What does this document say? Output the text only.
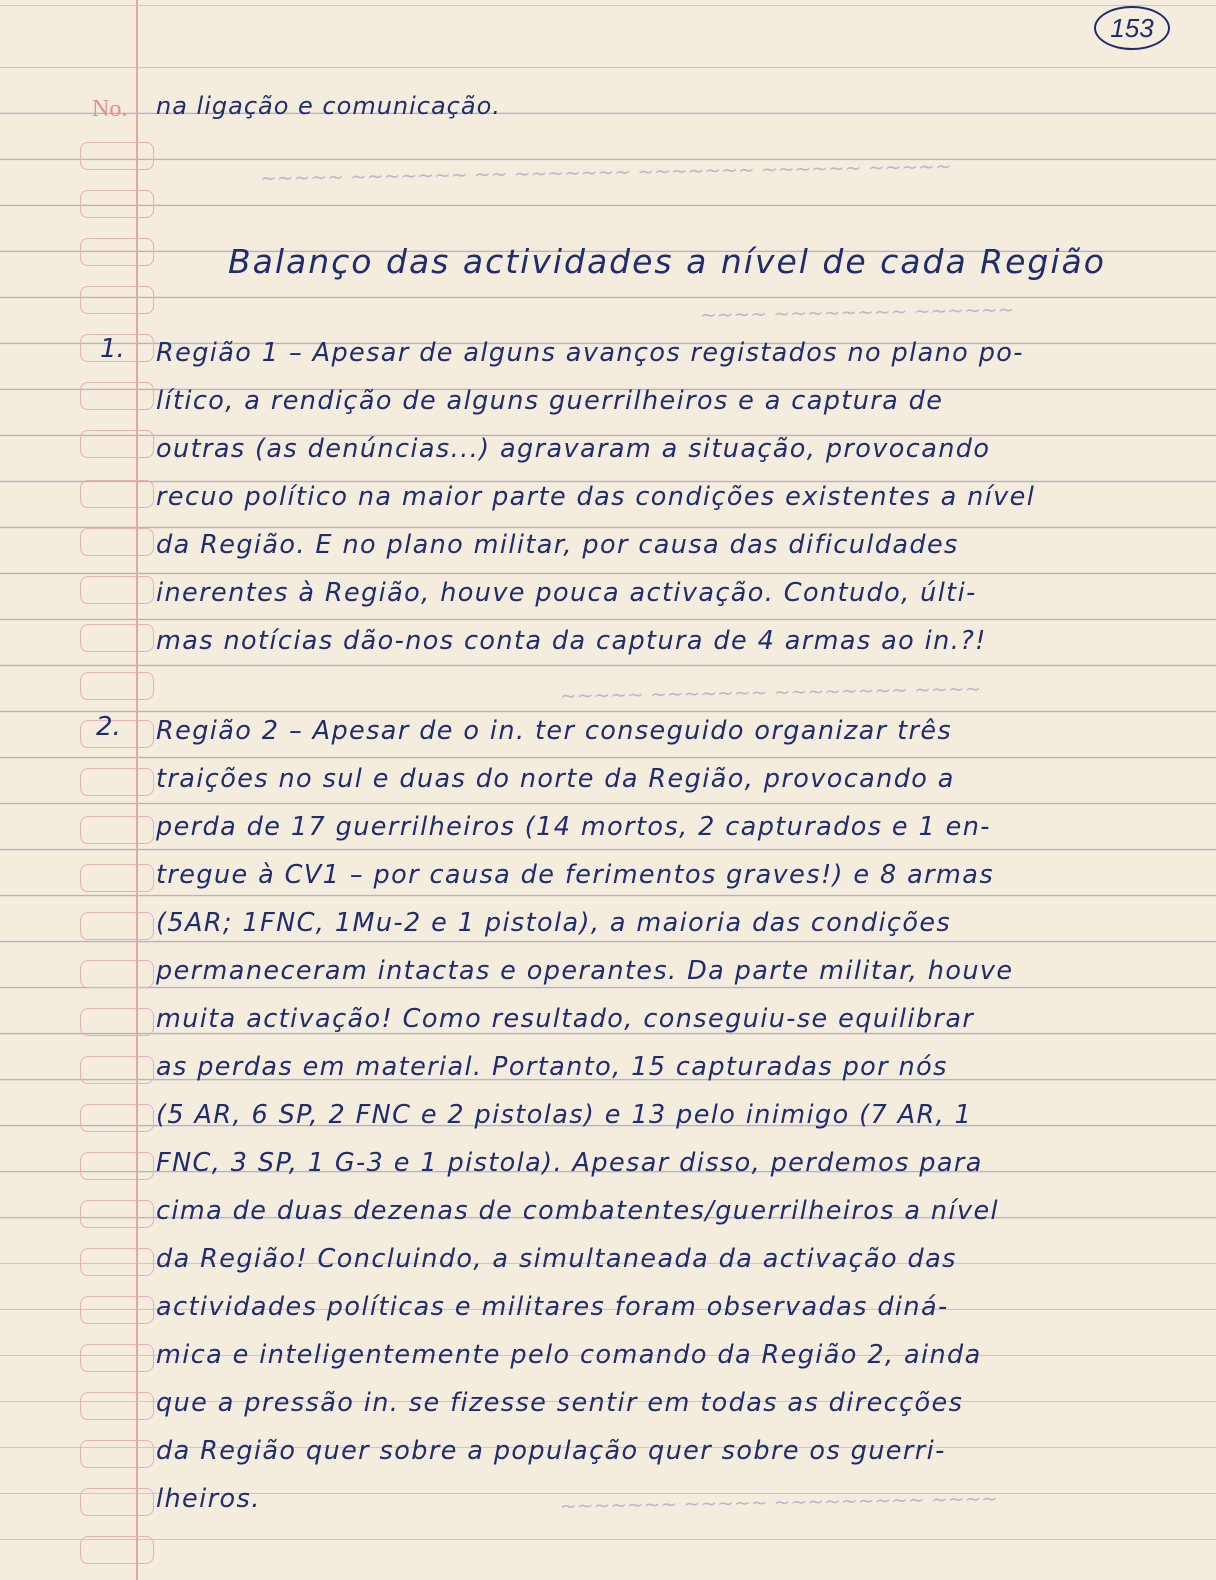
~~~~~ ~~~~~~~ ~~ ~~~~~~~ ~~~~~~~ ~~~~~~ ~~~~~
~~~~ ~~~~~~~~ ~~~~~~
~~~~~ ~~~~~~~ ~~~~~~~~ ~~~~
~~~~~~~ ~~~~~ ~~~~~~~~~ ~~~~
153
No. na ligação e comunicação.
Balanço das actividades a nível de cada Região
1. Região 1 – Apesar de alguns avanços registados no plano po-
lítico, a rendição de alguns guerrilheiros e a captura de
outras (as denúncias...) agravaram a situação, provocando
recuo político na maior parte das condições existentes a nível
da Região. E no plano militar, por causa das dificuldades
inerentes à Região, houve pouca activação. Contudo, últi-
mas notícias dão-nos conta da captura de 4 armas ao in.?!
2. Região 2 – Apesar de o in. ter conseguido organizar três
traições no sul e duas do norte da Região, provocando a
perda de 17 guerrilheiros (14 mortos, 2 capturados e 1 en-
tregue à CV1 – por causa de ferimentos graves!) e 8 armas
(5AR; 1FNC, 1Mu-2 e 1 pistola), a maioria das condições
permaneceram intactas e operantes. Da parte militar, houve
muita activação! Como resultado, conseguiu-se equilibrar
as perdas em material. Portanto, 15 capturadas por nós
(5 AR, 6 SP, 2 FNC e 2 pistolas) e 13 pelo inimigo (7 AR, 1
FNC, 3 SP, 1 G-3 e 1 pistola). Apesar disso, perdemos para
cima de duas dezenas de combatentes/guerrilheiros a nível
da Região! Concluindo, a simultaneada da activação das
actividades políticas e militares foram observadas diná-
mica e inteligentemente pelo comando da Região 2, ainda
que a pressão in. se fizesse sentir em todas as direcções
da Região quer sobre a população quer sobre os guerri-
lheiros.
